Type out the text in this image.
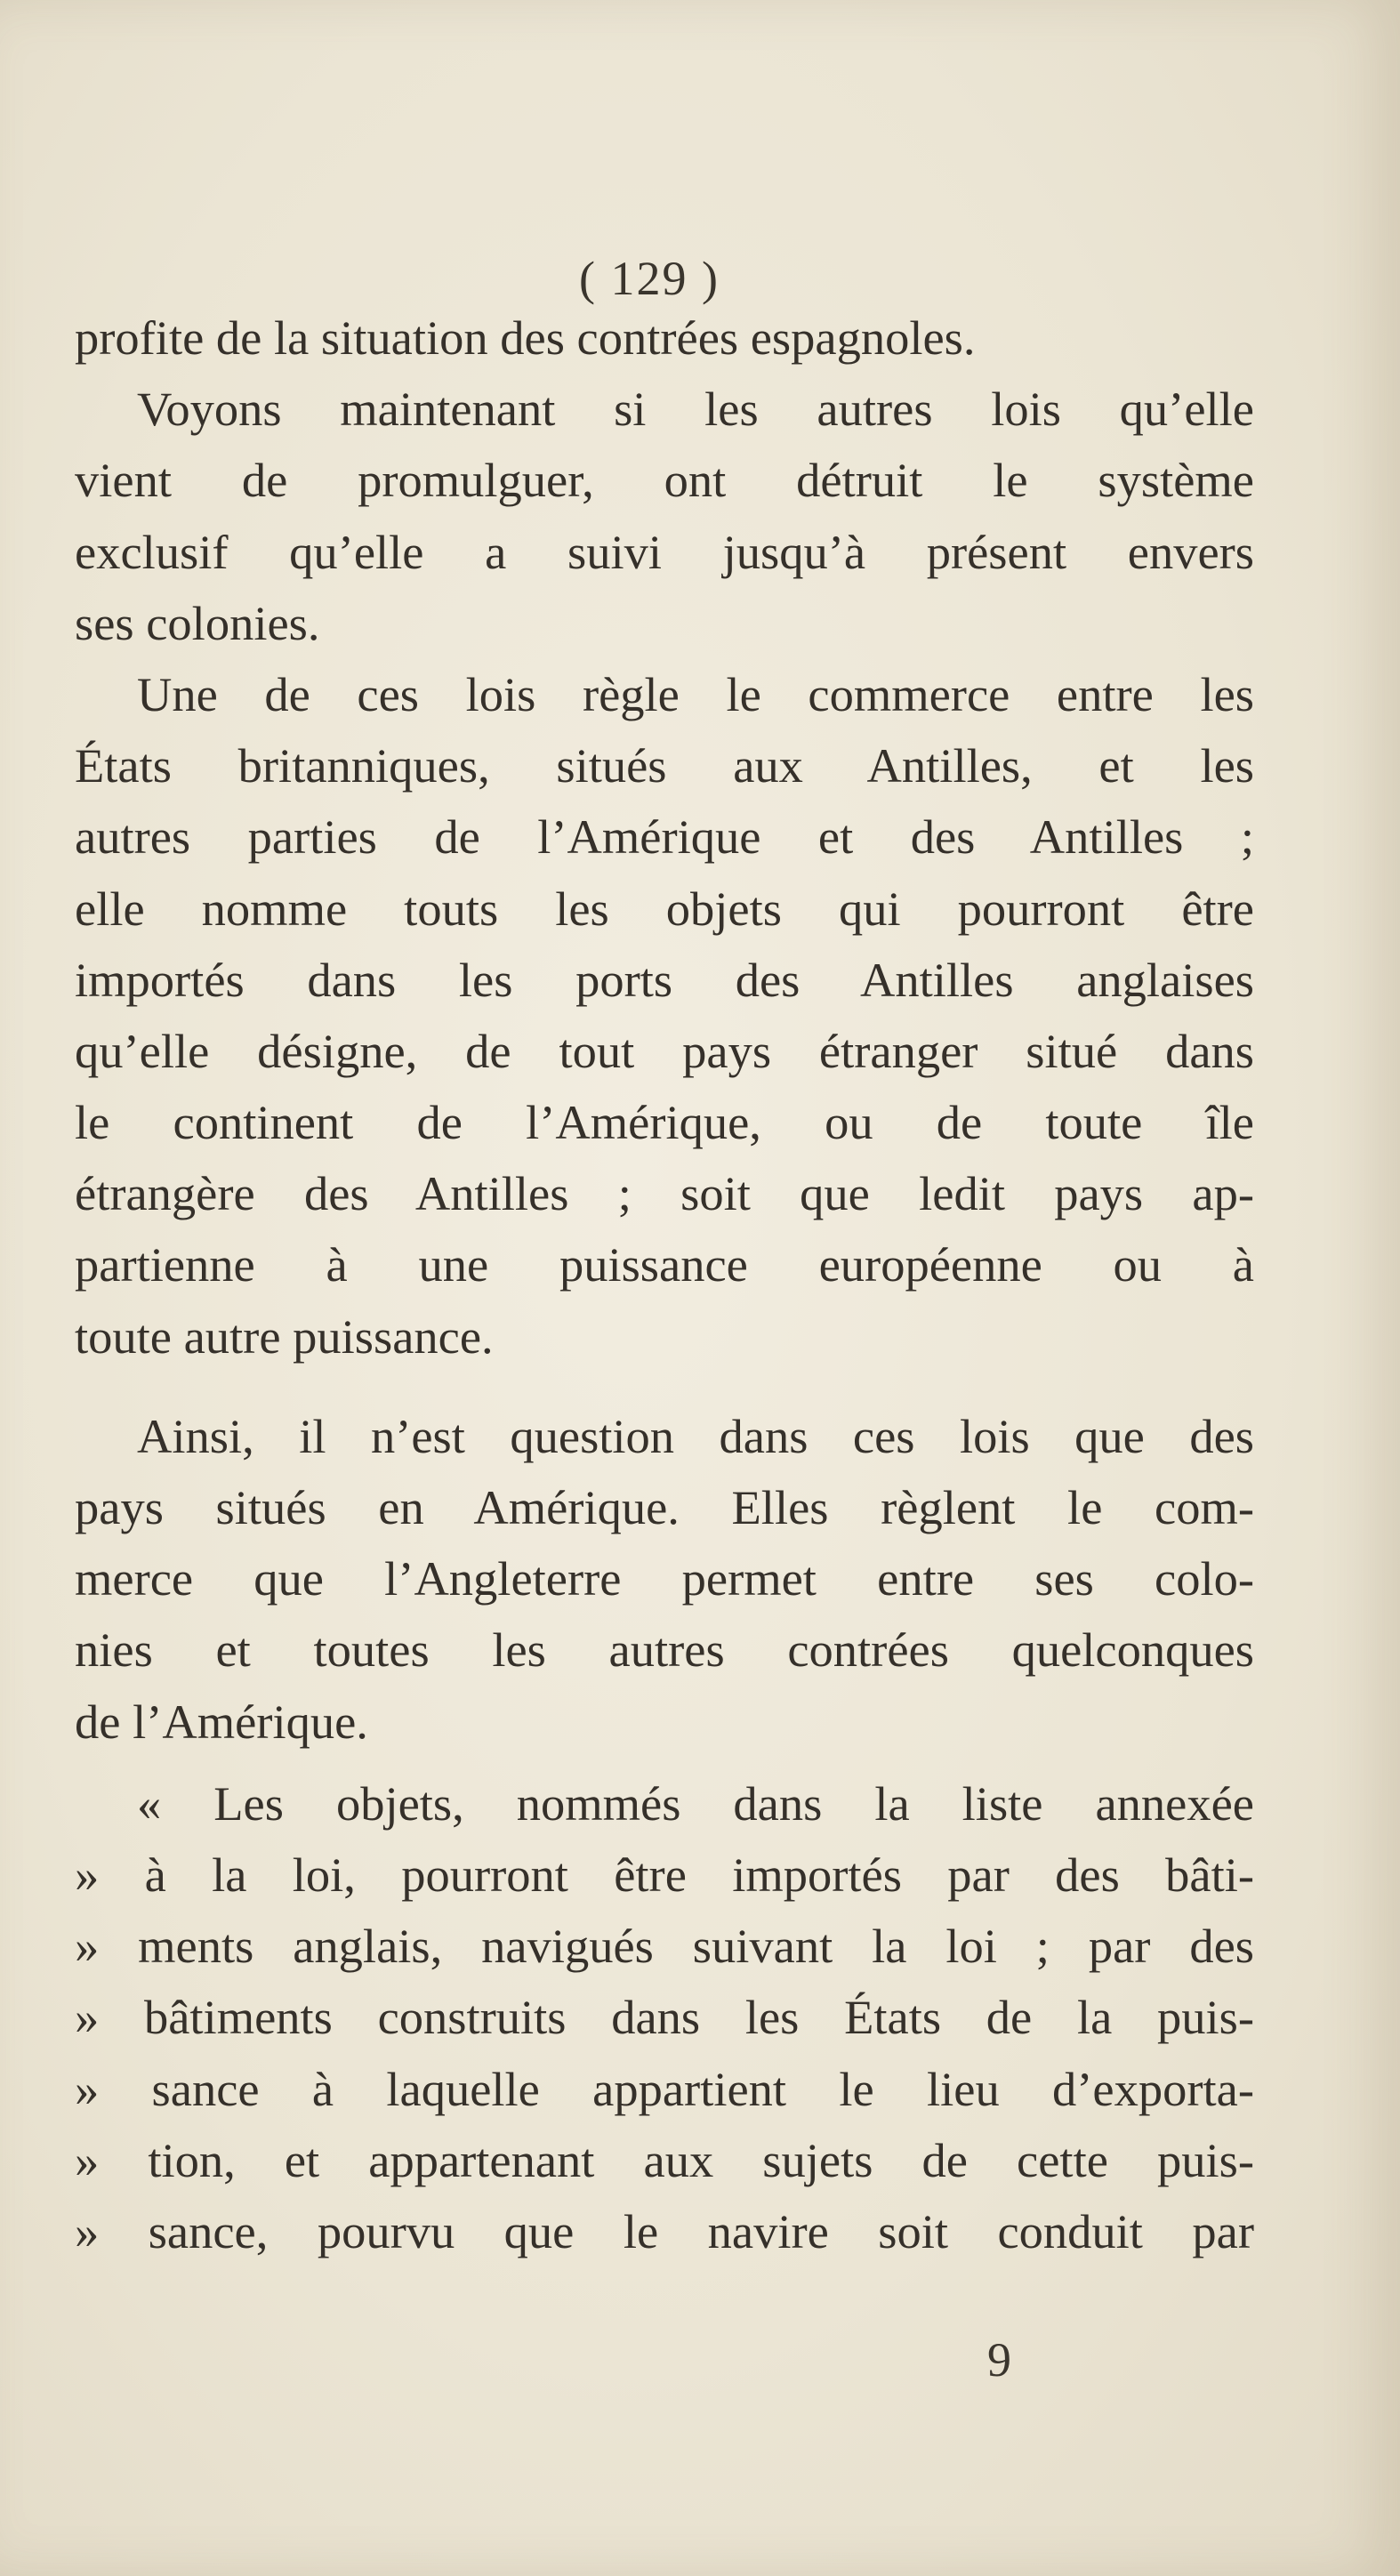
( 129 )
profite de la situation des contrées espagnoles.
Voyons maintenant si les autres lois qu’elle
vient de promulguer, ont détruit le système
exclusif qu’elle a suivi jusqu’à présent envers
ses colonies.
Une de ces lois règle le commerce entre les
États britanniques, situés aux Antilles, et les
autres parties de l’Amérique et des Antilles ;
elle nomme touts les objets qui pourront être
importés dans les ports des Antilles anglaises
qu’elle désigne, de tout pays étranger situé dans
le continent de l’Amérique, ou de toute île
étrangère des Antilles ; soit que ledit pays ap-
partienne à une puissance européenne ou à
toute autre puissance.
Ainsi, il n’est question dans ces lois que des
pays situés en Amérique. Elles règlent le com-
merce que l’Angleterre permet entre ses colo-
nies et toutes les autres contrées quelconques
de l’Amérique.
« Les objets, nommés dans la liste annexée
» à la loi, pourront être importés par des bâti-
» ments anglais, navigués suivant la loi ; par des
» bâtiments construits dans les États de la puis-
» sance à laquelle appartient le lieu d’exporta-
» tion, et appartenant aux sujets de cette puis-
» sance, pourvu que le navire soit conduit par
9
